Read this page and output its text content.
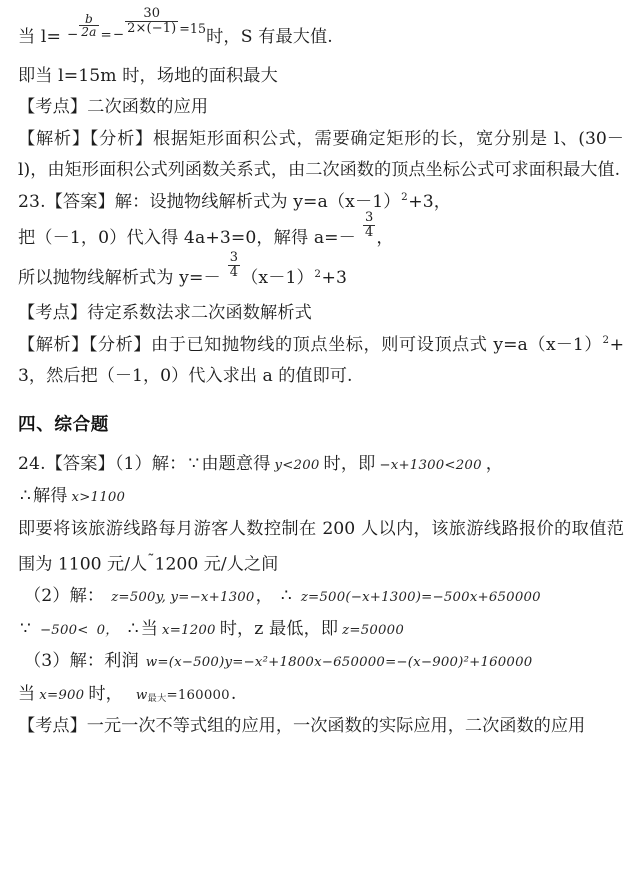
当 $l= - \frac{b}{2a}$ =−
$\frac{30}{2\times(-1)} =15$时，S 有最大值.
即当 l=15m 时，场地的面积最大
【考点】二次函数的应用
【解析】【分析】根据矩形面积公式，需要确定矩形的长，宽分别是 l、(30－l)，由矩形面积公式列函数关系式，由二次函数的顶点坐标公式可求面积最大值.
23.【答案】解：设抛物线解析式为 $y=a(x-1)^2+3$，
把（－1，0）代入得 4a+3=0，解得 $a=- \frac{3}{4}$ ，
所以抛物线解析式为 $y=- \frac{3}{4} (x-1)^2+3$
【考点】待定系数法求二次函数解析式
【解析】【分析】由于已知抛物线的顶点坐标，则可设顶点式 $y=a(x-1)^2+3$，然后把（－1，0）代入求出 a 的值即可.
四、综合题
24.【答案】（1）解： ∵ 由题意得 y<200 时，即 −x+1300<200 ，
∴ 解得 x>1100
即要将该旅游线路每月游客人数控制在 200 人以内，该旅游线路报价的取值范围为 1100 元/人˜1200 元/人之间
（2）解： z=500y, y=−x+1300， ∴ z=500(−x+1300)=−500x+650000
∵ −500< 0， ∴ 当 x=1200 时，z 最低，即 z=50000
（3）解：利润 w=(x−500)y=−x²+1800x−650000=−(x−900)²+160000
当 x=900 时， $w_{最大}=160000$.
【考点】一元一次不等式组的应用，一次函数的实际应用，二次函数的应用
